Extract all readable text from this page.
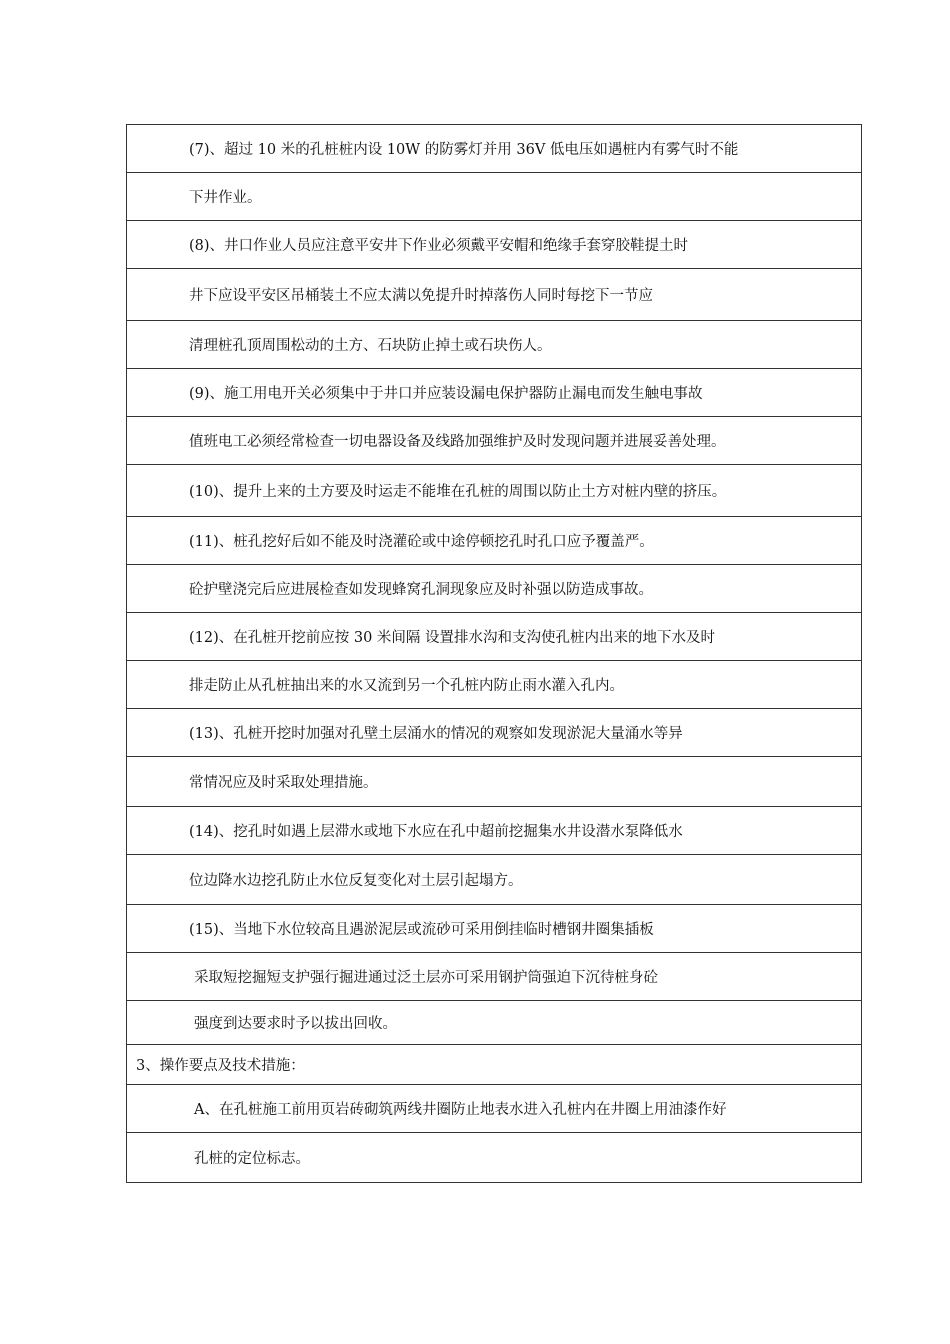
(7)、超过 10 米的孔桩桩内设 10W 的防雾灯并用 36V 低电压如遇桩内有雾气时不能
下井作业。
(8)、井口作业人员应注意平安井下作业必须戴平安帽和绝缘手套穿胶鞋提土时
井下应设平安区吊桶装土不应太满以免提升时掉落伤人同时每挖下一节应
清理桩孔顶周围松动的土方、石块防止掉土或石块伤人。
(9)、施工用电开关必须集中于井口并应装设漏电保护器防止漏电而发生触电事故
值班电工必须经常检查一切电器设备及线路加强维护及时发现问题并进展妥善处理。
(10)、提升上来的土方要及时运走不能堆在孔桩的周围以防止土方对桩内壁的挤压。
(11)、桩孔挖好后如不能及时浇灌砼或中途停顿挖孔时孔口应予覆盖严。
砼护壁浇完后应进展检查如发现蜂窝孔洞现象应及时补强以防造成事故。
(12)、在孔桩开挖前应按 30 米间隔 设置排水沟和支沟使孔桩内出来的地下水及时
排走防止从孔桩抽出来的水又流到另一个孔桩内防止雨水灌入孔内。
(13)、孔桩开挖时加强对孔壁土层涌水的情况的观察如发现淤泥大量涌水等异
常情况应及时采取处理措施。
(14)、挖孔时如遇上层滞水或地下水应在孔中超前挖掘集水井设潜水泵降低水
位边降水边挖孔防止水位反复变化对土层引起塌方。
(15)、当地下水位较高且遇淤泥层或流砂可采用倒挂临时槽钢井圈集插板
采取短挖掘短支护强行掘进通过泛土层亦可采用钢护筒强迫下沉待桩身砼
强度到达要求时予以拔出回收。
3、操作要点及技术措施：
A、在孔桩施工前用页岩砖砌筑两线井圈防止地表水进入孔桩内在井圈上用油漆作好
孔桩的定位标志。
